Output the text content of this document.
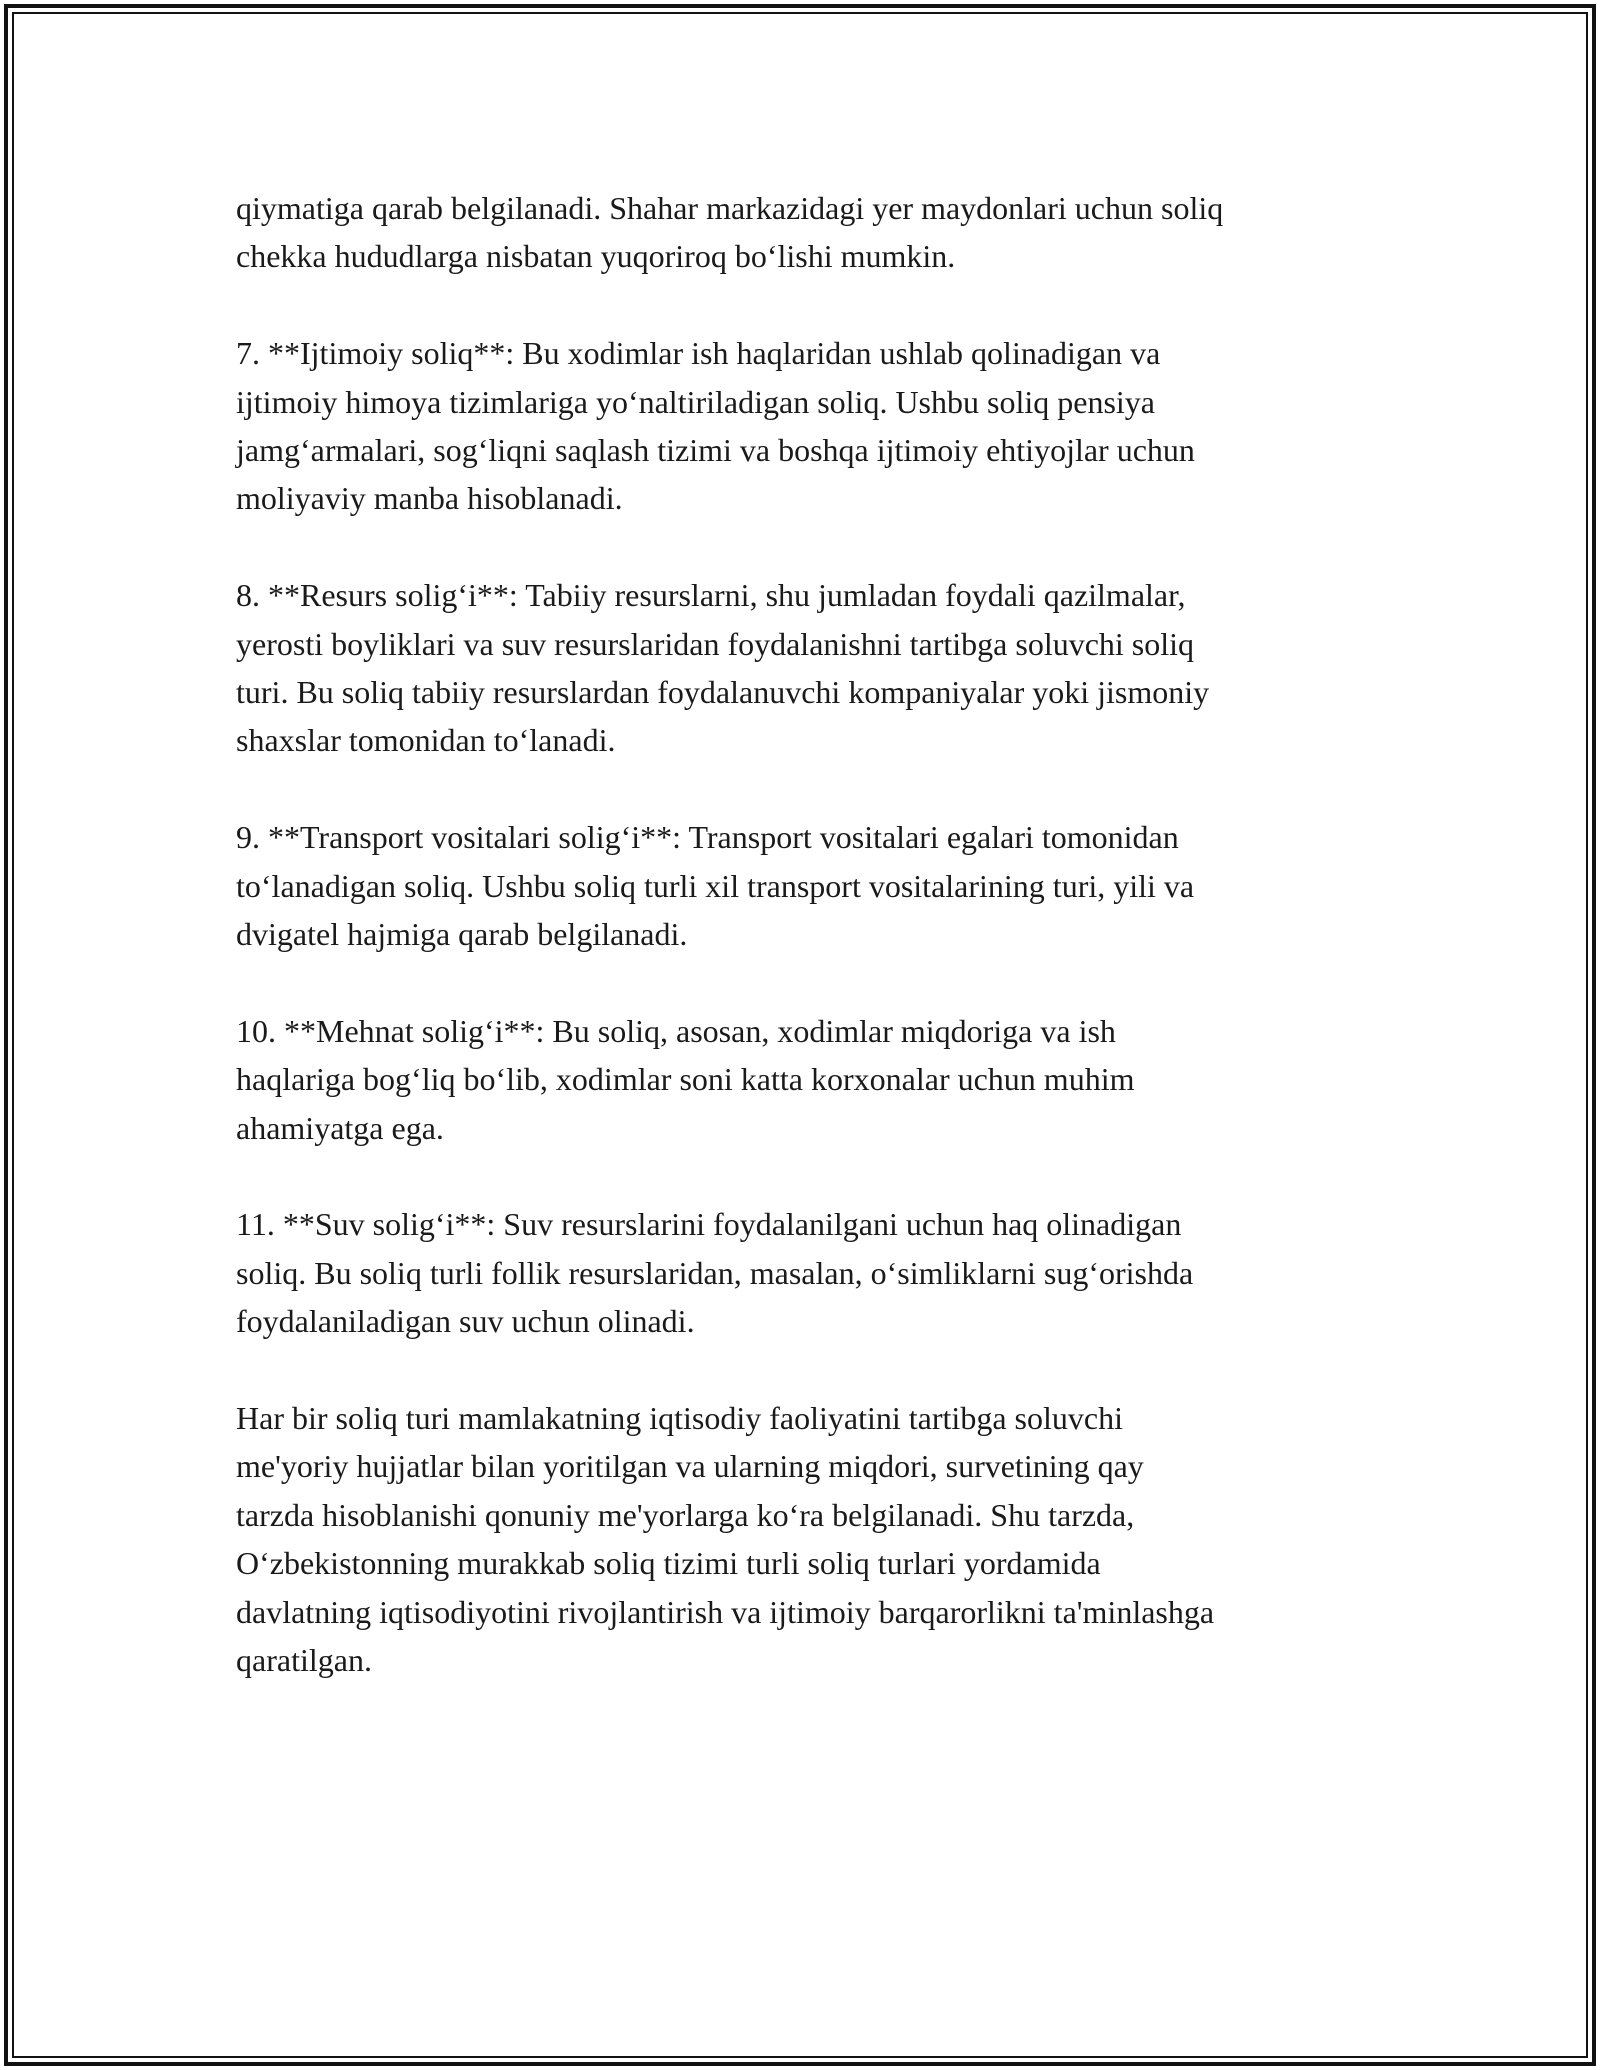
qiymatiga qarab belgilanadi. Shahar markazidagi yer maydonlari uchun soliq
chekka hududlarga nisbatan yuqoriroq bo‘lishi mumkin.
7. **Ijtimoiy soliq**: Bu xodimlar ish haqlaridan ushlab qolinadigan va
ijtimoiy himoya tizimlariga yo‘naltiriladigan soliq. Ushbu soliq pensiya
jamg‘armalari, sog‘liqni saqlash tizimi va boshqa ijtimoiy ehtiyojlar uchun
moliyaviy manba hisoblanadi.
8. **Resurs solig‘i**: Tabiiy resurslarni, shu jumladan foydali qazilmalar,
yerosti boyliklari va suv resurslaridan foydalanishni tartibga soluvchi soliq
turi. Bu soliq tabiiy resurslardan foydalanuvchi kompaniyalar yoki jismoniy
shaxslar tomonidan to‘lanadi.
9. **Transport vositalari solig‘i**: Transport vositalari egalari tomonidan
to‘lanadigan soliq. Ushbu soliq turli xil transport vositalarining turi, yili va
dvigatel hajmiga qarab belgilanadi.
10. **Mehnat solig‘i**: Bu soliq, asosan, xodimlar miqdoriga va ish
haqlariga bog‘liq bo‘lib, xodimlar soni katta korxonalar uchun muhim
ahamiyatga ega.
11. **Suv solig‘i**: Suv resurslarini foydalanilgani uchun haq olinadigan
soliq. Bu soliq turli follik resurslaridan, masalan, o‘simliklarni sug‘orishda
foydalaniladigan suv uchun olinadi.
Har bir soliq turi mamlakatning iqtisodiy faoliyatini tartibga soluvchi
me'yoriy hujjatlar bilan yoritilgan va ularning miqdori, survetining qay
tarzda hisoblanishi qonuniy me'yorlarga ko‘ra belgilanadi. Shu tarzda,
O‘zbekistonning murakkab soliq tizimi turli soliq turlari yordamida
davlatning iqtisodiyotini rivojlantirish va ijtimoiy barqarorlikni ta'minlashga
qaratilgan.
